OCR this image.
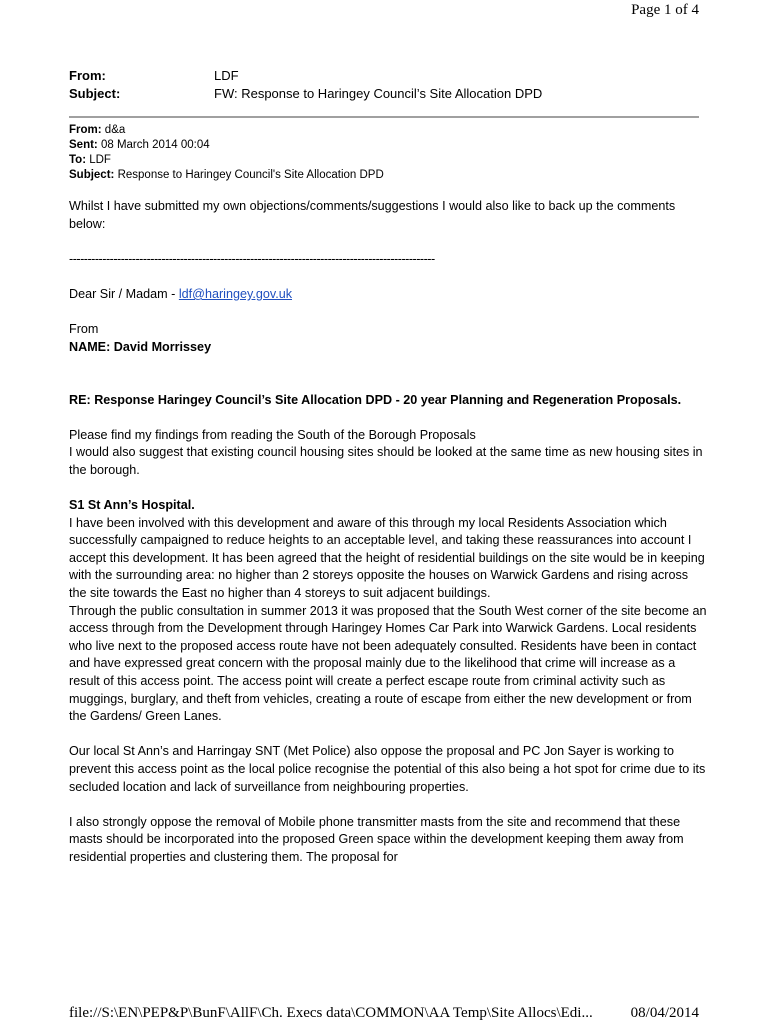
Page 1 of 4
From:	LDF
Subject:	FW: Response to Haringey Council’s Site Allocation DPD
From: d&a
Sent: 08 March 2014 00:04
To: LDF
Subject: Response to Haringey Council's Site Allocation DPD

Whilst I have submitted my own objections/comments/suggestions I would also like to back up the comments below:

---------------------------------------------------------------------------------------------------

Dear Sir / Madam - ldf@haringey.gov.uk

From

NAME: David Morrissey

RE: Response Haringey Council’s Site Allocation DPD - 20 year Planning and Regeneration Proposals.

Please find my findings from reading the South of the Borough Proposals

I would also suggest that existing council housing sites should be looked at the same time as new housing sites in the borough.

S1 St Ann’s Hospital.

I have been involved with this development and aware of this through my local Residents Association which successfully campaigned to reduce heights to an acceptable level, and taking these reassurances into account I accept this development. It has been agreed that the height of residential buildings on the site would be in keeping with the surrounding area: no higher than 2 storeys opposite the houses on Warwick Gardens and rising across the site towards the East no higher than 4 storeys to suit adjacent buildings.

Through the public consultation in summer 2013 it was proposed that the South West corner of the site become an access through from the Development through Haringey Homes Car Park into Warwick Gardens. Local residents who live next to the proposed access route have not been adequately consulted. Residents have been in contact and have expressed great concern with the proposal mainly due to the likelihood that crime will increase as a result of this access point. The access point will create a perfect escape route from criminal activity such as muggings, burglary, and theft from vehicles, creating a route of escape from either the new development or from the Gardens/ Green Lanes.

Our local St Ann’s and Harringay SNT (Met Police) also oppose the proposal and PC Jon Sayer is working to prevent this access point as the local police recognise the potential of this also being a hot spot for crime due to its secluded location and lack of surveillance from neighbouring properties.

I also strongly oppose the removal of Mobile phone transmitter masts from the site and recommend that these masts should be incorporated into the proposed Green space within the development keeping them away from residential properties and clustering them. The proposal for

file://S:\EN\PEP&P\BunF\AllF\Ch. Execs data\COMMON\AA Temp\Site Allocs\Edi...	08/04/2014
